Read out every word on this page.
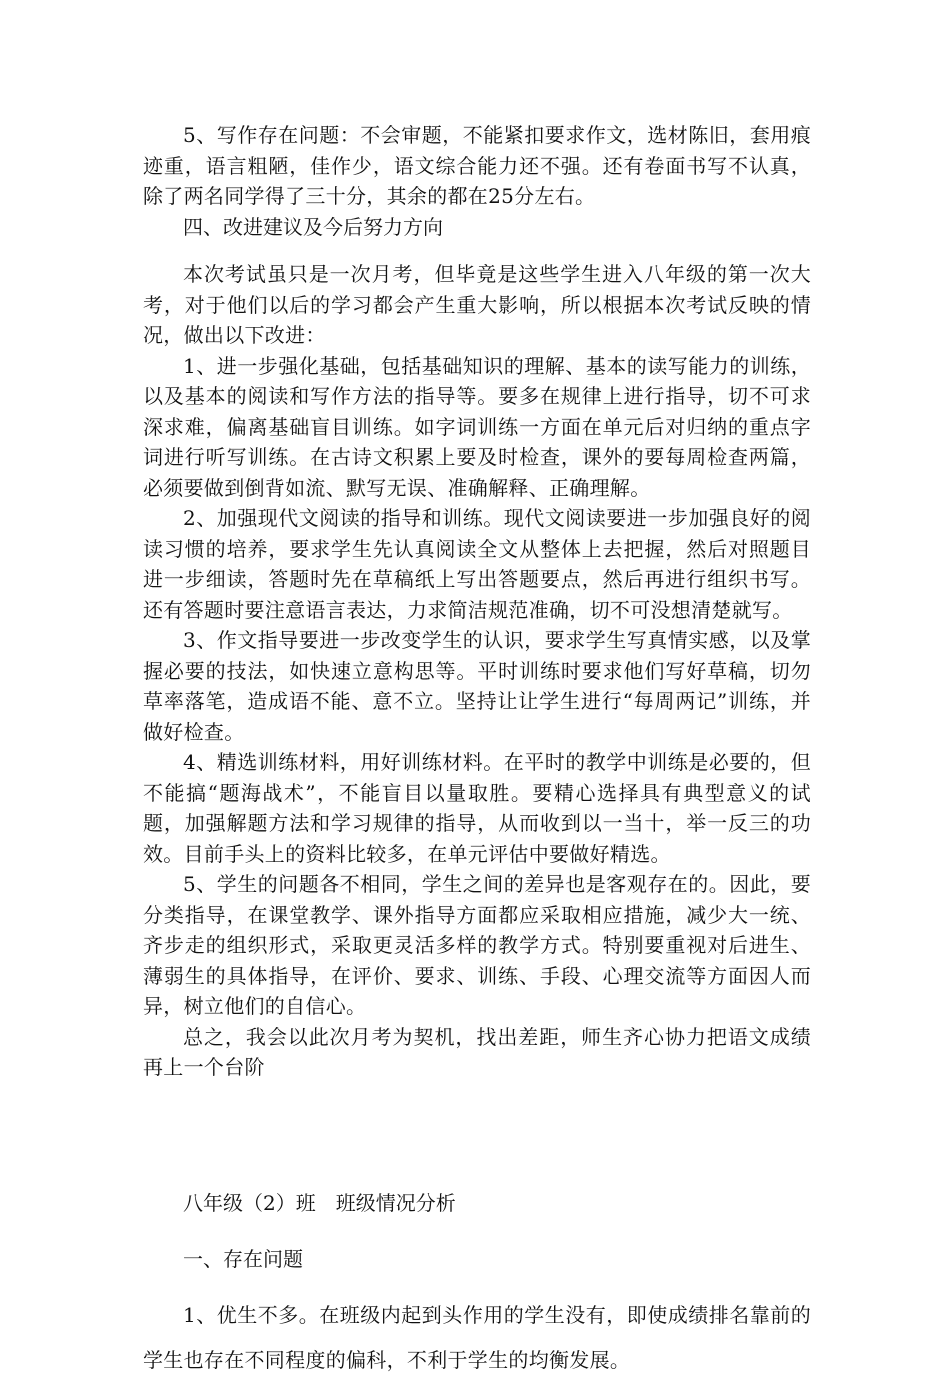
5、写作存在问题：不会审题，不能紧扣要求作文，选材陈旧，套用痕迹重，语言粗陋，佳作少，语文综合能力还不强。还有卷面书写不认真，除了两名同学得了三十分，其余的都在25分左右。

四、改进建议及今后努力方向

本次考试虽只是一次月考，但毕竟是这些学生进入八年级的第一次大考，对于他们以后的学习都会产生重大影响，所以根据本次考试反映的情况，做出以下改进：

1、进一步强化基础，包括基础知识的理解、基本的读写能力的训练，以及基本的阅读和写作方法的指导等。要多在规律上进行指导，切不可求深求难，偏离基础盲目训练。如字词训练一方面在单元后对归纳的重点字词进行听写训练。在古诗文积累上要及时检查，课外的要每周检查两篇，必须要做到倒背如流、默写无误、准确解释、正确理解。

2、加强现代文阅读的指导和训练。现代文阅读要进一步加强良好的阅读习惯的培养，要求学生先认真阅读全文从整体上去把握，然后对照题目进一步细读，答题时先在草稿纸上写出答题要点，然后再进行组织书写。还有答题时要注意语言表达，力求简洁规范准确，切不可没想清楚就写。

3、作文指导要进一步改变学生的认识，要求学生写真情实感，以及掌握必要的技法，如快速立意构思等。平时训练时要求他们写好草稿，切勿草率落笔，造成语不能、意不立。坚持让让学生进行“每周两记”训练，并做好检查。

4、精选训练材料，用好训练材料。在平时的教学中训练是必要的，但不能搞“题海战术”，不能盲目以量取胜。要精心选择具有典型意义的试题，加强解题方法和学习规律的指导，从而收到以一当十，举一反三的功效。目前手头上的资料比较多，在单元评估中要做好精选。

5、学生的问题各不相同，学生之间的差异也是客观存在的。因此，要分类指导，在课堂教学、课外指导方面都应采取相应措施，减少大一统、齐步走的组织形式，采取更灵活多样的教学方式。特别要重视对后进生、薄弱生的具体指导，在评价、要求、训练、手段、心理交流等方面因人而异，树立他们的自信心。

总之，我会以此次月考为契机，找出差距，师生齐心协力把语文成绩再上一个台阶

八年级（2）班　班级情况分析

一、存在问题

1、优生不多。在班级内起到头作用的学生没有，即使成绩排名靠前的学生也存在不同程度的偏科，不利于学生的均衡发展。
